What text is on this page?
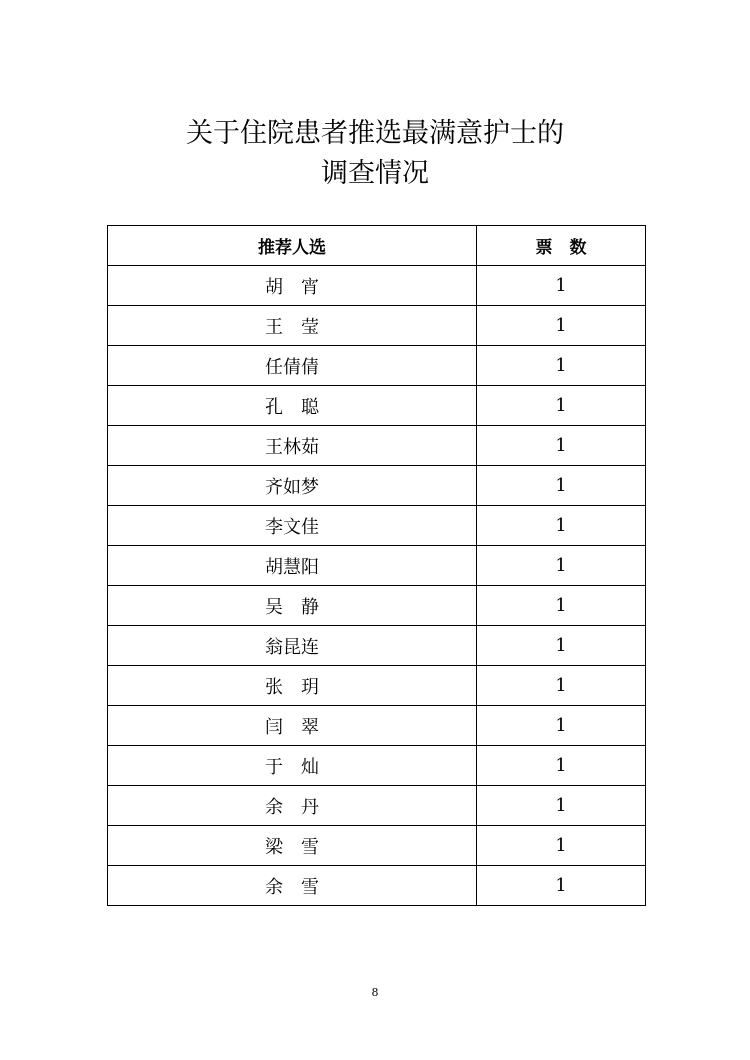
关于住院患者推选最满意护士的
调查情况
推荐人选	票　数
胡　宵	1
王　莹	1
任倩倩	1
孔　聪	1
王林茹	1
齐如梦	1
李文佳	1
胡慧阳	1
吴　静	1
翁昆连	1
张　玥	1
闫　翠	1
于　灿	1
余　丹	1
梁　雪	1
余　雪	1
8
